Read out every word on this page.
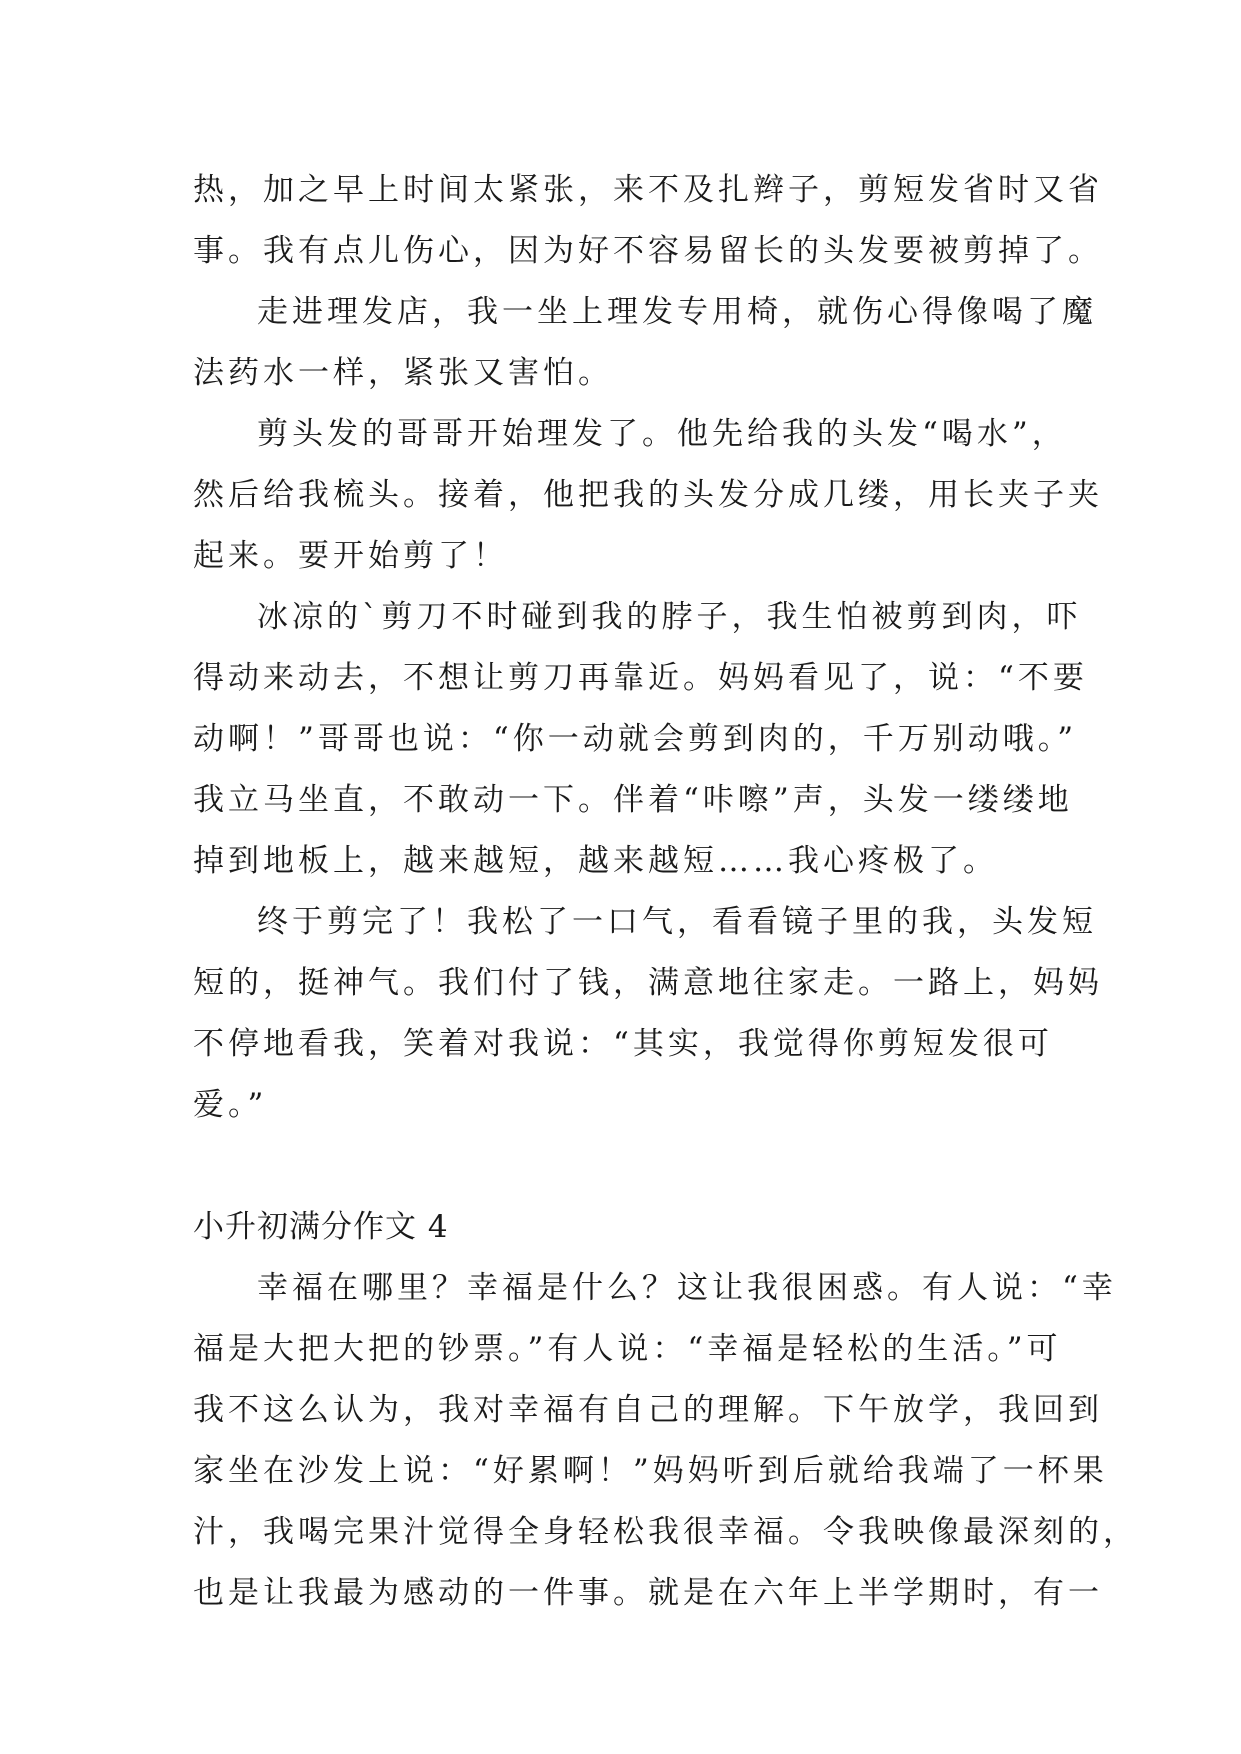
热，加之早上时间太紧张，来不及扎辫子，剪短发省时又省
事。我有点儿伤心，因为好不容易留长的头发要被剪掉了。
走进理发店，我一坐上理发专用椅，就伤心得像喝了魔
法药水一样，紧张又害怕。
剪头发的哥哥开始理发了。他先给我的头发“喝水”，
然后给我梳头。接着，他把我的头发分成几缕，用长夹子夹
起来。要开始剪了！
冰凉的`剪刀不时碰到我的脖子，我生怕被剪到肉，吓
得动来动去，不想让剪刀再靠近。妈妈看见了，说：“不要
动啊！”哥哥也说：“你一动就会剪到肉的，千万别动哦。”
我立马坐直，不敢动一下。伴着“咔嚓”声，头发一缕缕地
掉到地板上，越来越短，越来越短……我心疼极了。
终于剪完了！我松了一口气，看看镜子里的我，头发短
短的，挺神气。我们付了钱，满意地往家走。一路上，妈妈
不停地看我，笑着对我说：“其实，我觉得你剪短发很可
爱。”
小升初满分作文 4
幸福在哪里？幸福是什么？这让我很困惑。有人说：“幸
福是大把大把的钞票。”有人说：“幸福是轻松的生活。”可
我不这么认为，我对幸福有自己的理解。下午放学，我回到
家坐在沙发上说：“好累啊！”妈妈听到后就给我端了一杯果
汁，我喝完果汁觉得全身轻松我很幸福。令我映像最深刻的，
也是让我最为感动的一件事。就是在六年上半学期时，有一
